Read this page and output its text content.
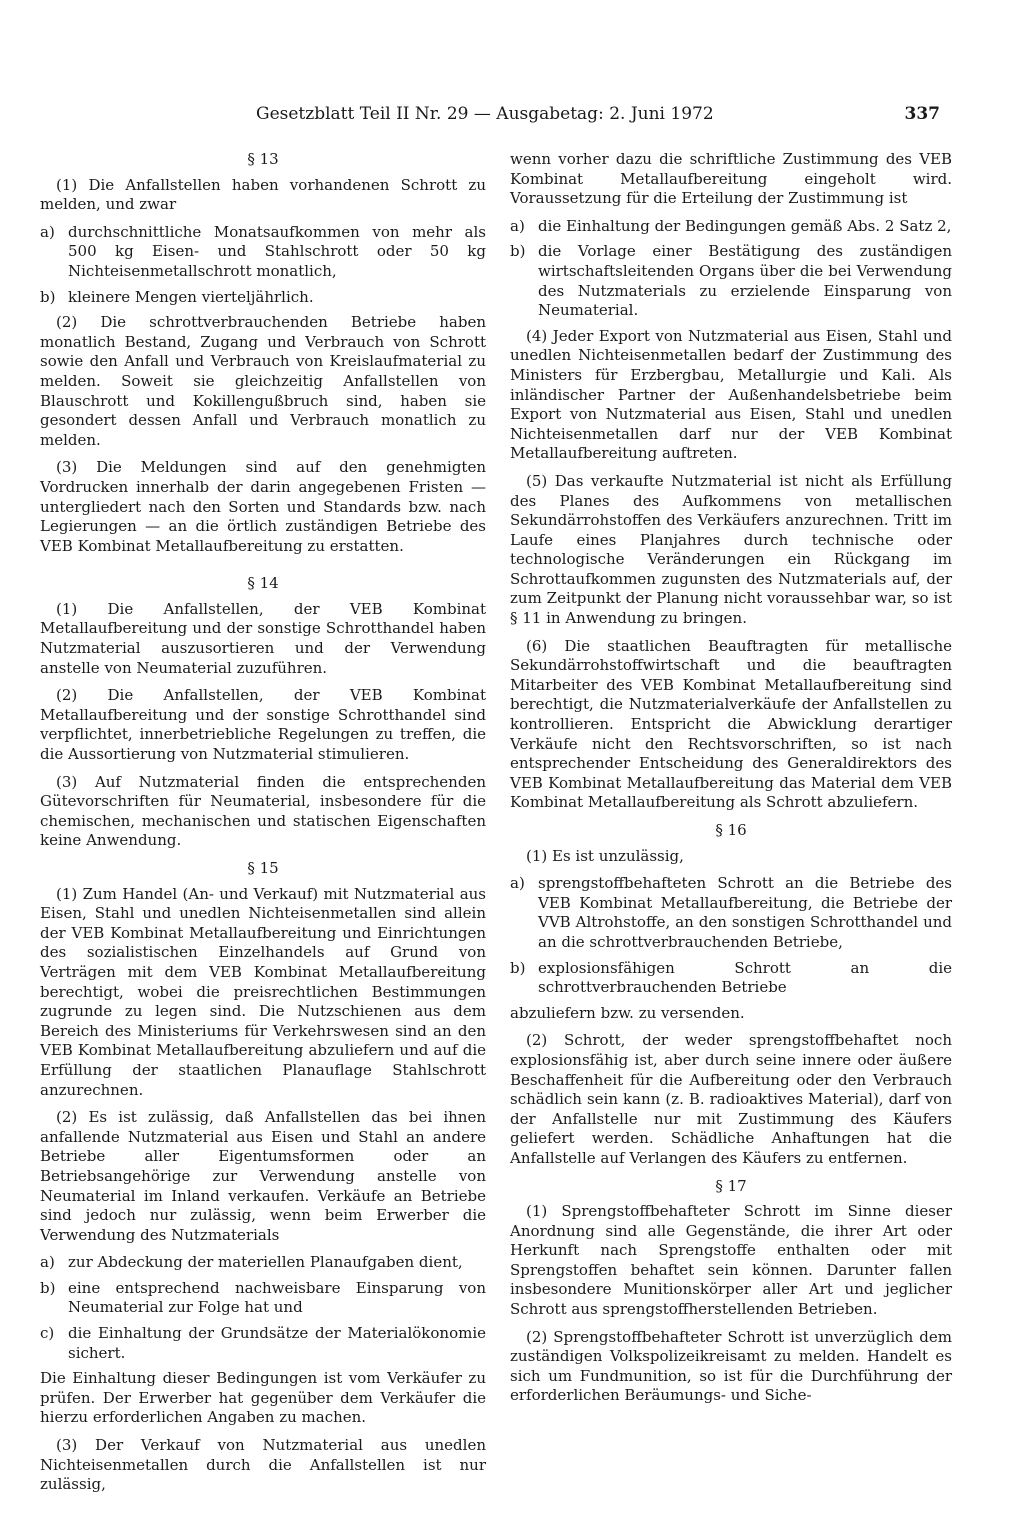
Gesetzblatt Teil II Nr. 29 — Ausgabetag: 2. Juni 1972	337
§ 13

(1) Die Anfallstellen haben vorhandenen Schrott zu melden, und zwar

a) durchschnittliche Monatsaufkommen von mehr als 500 kg Eisen- und Stahlschrott oder 50 kg Nichteisenmetallschrott monatlich,
b) kleinere Mengen vierteljährlich.

(2) Die schrottverbrauchenden Betriebe haben monatlich Bestand, Zugang und Verbrauch von Schrott sowie den Anfall und Verbrauch von Kreislaufmaterial zu melden. Soweit sie gleichzeitig Anfallstellen von Blauschrott und Kokillengußbruch sind, haben sie gesondert dessen Anfall und Verbrauch monatlich zu melden.

(3) Die Meldungen sind auf den genehmigten Vordrucken innerhalb der darin angegebenen Fristen — untergliedert nach den Sorten und Standards bzw. nach Legierungen — an die örtlich zuständigen Betriebe des VEB Kombinat Metallaufbereitung zu erstatten.

§ 14

(1) Die Anfallstellen, der VEB Kombinat Metallaufbereitung und der sonstige Schrotthandel haben Nutzmaterial auszusortieren und der Verwendung anstelle von Neumaterial zuzuführen.

(2) Die Anfallstellen, der VEB Kombinat Metallaufbereitung und der sonstige Schrotthandel sind verpflichtet, innerbetriebliche Regelungen zu treffen, die die Aussortierung von Nutzmaterial stimulieren.

(3) Auf Nutzmaterial finden die entsprechenden Gütevorschriften für Neumaterial, insbesondere für die chemischen, mechanischen und statischen Eigenschaften keine Anwendung.

§ 15

(1) Zum Handel (An- und Verkauf) mit Nutzmaterial aus Eisen, Stahl und unedlen Nichteisenmetallen sind allein der VEB Kombinat Metallaufbereitung und Einrichtungen des sozialistischen Einzelhandels auf Grund von Verträgen mit dem VEB Kombinat Metallaufbereitung berechtigt, wobei die preisrechtlichen Bestimmungen zugrunde zu legen sind. Die Nutzschienen aus dem Bereich des Ministeriums für Verkehrswesen sind an den VEB Kombinat Metallaufbereitung abzuliefern und auf die Erfüllung der staatlichen Planauflage Stahlschrott anzurechnen.

(2) Es ist zulässig, daß Anfallstellen das bei ihnen anfallende Nutzmaterial aus Eisen und Stahl an andere Betriebe aller Eigentumsformen oder an Betriebsangehörige zur Verwendung anstelle von Neumaterial im Inland verkaufen. Verkäufe an Betriebe sind jedoch nur zulässig, wenn beim Erwerber die Verwendung des Nutzmaterials

a) zur Abdeckung der materiellen Planaufgaben dient,
b) eine entsprechend nachweisbare Einsparung von Neumaterial zur Folge hat und
c) die Einhaltung der Grundsätze der Materialökonomie sichert.

Die Einhaltung dieser Bedingungen ist vom Verkäufer zu prüfen. Der Erwerber hat gegenüber dem Verkäufer die hierzu erforderlichen Angaben zu machen.

(3) Der Verkauf von Nutzmaterial aus unedlen Nichteisenmetallen durch die Anfallstellen ist nur zulässig,

wenn vorher dazu die schriftliche Zustimmung des VEB Kombinat Metallaufbereitung eingeholt wird. Voraussetzung für die Erteilung der Zustimmung ist

a) die Einhaltung der Bedingungen gemäß Abs. 2 Satz 2,
b) die Vorlage einer Bestätigung des zuständigen wirtschaftsleitenden Organs über die bei Verwendung des Nutzmaterials zu erzielende Einsparung von Neumaterial.

(4) Jeder Export von Nutzmaterial aus Eisen, Stahl und unedlen Nichteisenmetallen bedarf der Zustimmung des Ministers für Erzbergbau, Metallurgie und Kali. Als inländischer Partner der Außenhandelsbetriebe beim Export von Nutzmaterial aus Eisen, Stahl und unedlen Nichteisenmetallen darf nur der VEB Kombinat Metallaufbereitung auftreten.

(5) Das verkaufte Nutzmaterial ist nicht als Erfüllung des Planes des Aufkommens von metallischen Sekundärrohstoffen des Verkäufers anzurechnen. Tritt im Laufe eines Planjahres durch technische oder technologische Veränderungen ein Rückgang im Schrottaufkommen zugunsten des Nutzmaterials auf, der zum Zeitpunkt der Planung nicht voraussehbar war, so ist § 11 in Anwendung zu bringen.

(6) Die staatlichen Beauftragten für metallische Sekundärrohstoffwirtschaft und die beauftragten Mitarbeiter des VEB Kombinat Metallaufbereitung sind berechtigt, die Nutzmaterialverkäufe der Anfallstellen zu kontrollieren. Entspricht die Abwicklung derartiger Verkäufe nicht den Rechtsvorschriften, so ist nach entsprechender Entscheidung des Generaldirektors des VEB Kombinat Metallaufbereitung das Material dem VEB Kombinat Metallaufbereitung als Schrott abzuliefern.

§ 16

(1) Es ist unzulässig,

a) sprengstoffbehafteten Schrott an die Betriebe des VEB Kombinat Metallaufbereitung, die Betriebe der VVB Altrohstoffe, an den sonstigen Schrotthandel und an die schrottverbrauchenden Betriebe,
b) explosionsfähigen Schrott an die schrottverbrauchenden Betriebe

abzuliefern bzw. zu versenden.

(2) Schrott, der weder sprengstoffbehaftet noch explosionsfähig ist, aber durch seine innere oder äußere Beschaffenheit für die Aufbereitung oder den Verbrauch schädlich sein kann (z. B. radioaktives Material), darf von der Anfallstelle nur mit Zustimmung des Käufers geliefert werden. Schädliche Anhaftungen hat die Anfallstelle auf Verlangen des Käufers zu entfernen.

§ 17

(1) Sprengstoffbehafteter Schrott im Sinne dieser Anordnung sind alle Gegenstände, die ihrer Art oder Herkunft nach Sprengstoffe enthalten oder mit Sprengstoffen behaftet sein können. Darunter fallen insbesondere Munitionskörper aller Art und jeglicher Schrott aus sprengstoffherstellenden Betrieben.

(2) Sprengstoffbehafteter Schrott ist unverzüglich dem zuständigen Volkspolizeikreisamt zu melden. Handelt es sich um Fundmunition, so ist für die Durchführung der erforderlichen Beräumungs- und Siche-
